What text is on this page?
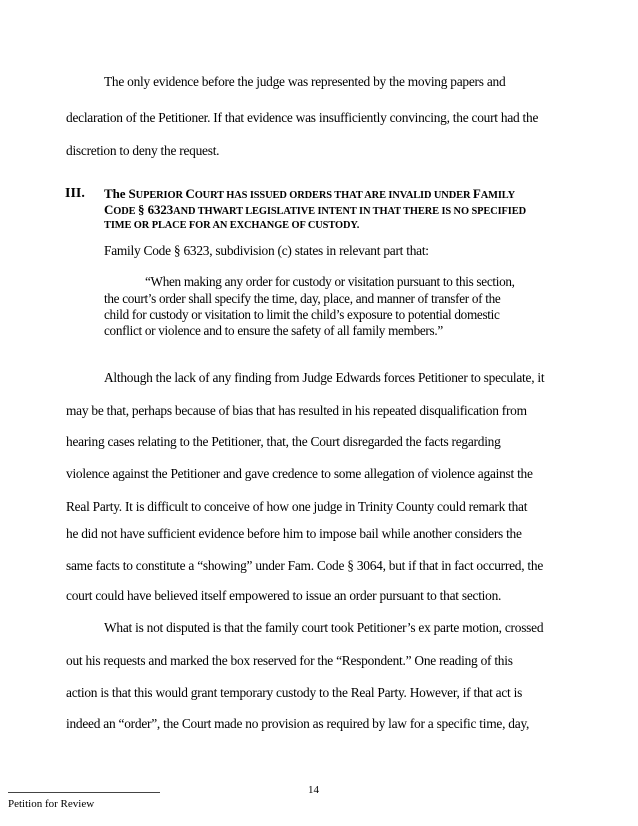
The only evidence before the judge was represented by the moving papers and
declaration of the Petitioner. If that evidence was insufficiently convincing, the court had the
discretion to deny the request.
III. The SUPERIOR COURT HAS ISSUED ORDERS THAT ARE INVALID UNDER FAMILY
CODE § 6323AND THWART LEGISLATIVE INTENT IN THAT THERE IS NO SPECIFIED
TIME OR PLACE FOR AN EXCHANGE OF CUSTODY.
Family Code § 6323, subdivision (c) states in relevant part that:
“When making any order for custody or visitation pursuant to this section,
the court’s order shall specify the time, day, place, and manner of transfer of the
child for custody or visitation to limit the child’s exposure to potential domestic
conflict or violence and to ensure the safety of all family members.”
Although the lack of any finding from Judge Edwards forces Petitioner to speculate, it
may be that, perhaps because of bias that has resulted in his repeated disqualification from
hearing cases relating to the Petitioner, that, the Court disregarded the facts regarding
violence against the Petitioner and gave credence to some allegation of violence against the
Real Party. It is difficult to conceive of how one judge in Trinity County could remark that
he did not have sufficient evidence before him to impose bail while another considers the
same facts to constitute a “showing” under Fam. Code § 3064, but if that in fact occurred, the
court could have believed itself empowered to issue an order pursuant to that section.
What is not disputed is that the family court took Petitioner’s ex parte motion, crossed
out his requests and marked the box reserved for the “Respondent.” One reading of this
action is that this would grant temporary custody to the Real Party. However, if that act is
indeed an “order”, the Court made no provision as required by law for a specific time, day,
14
Petition for Review
